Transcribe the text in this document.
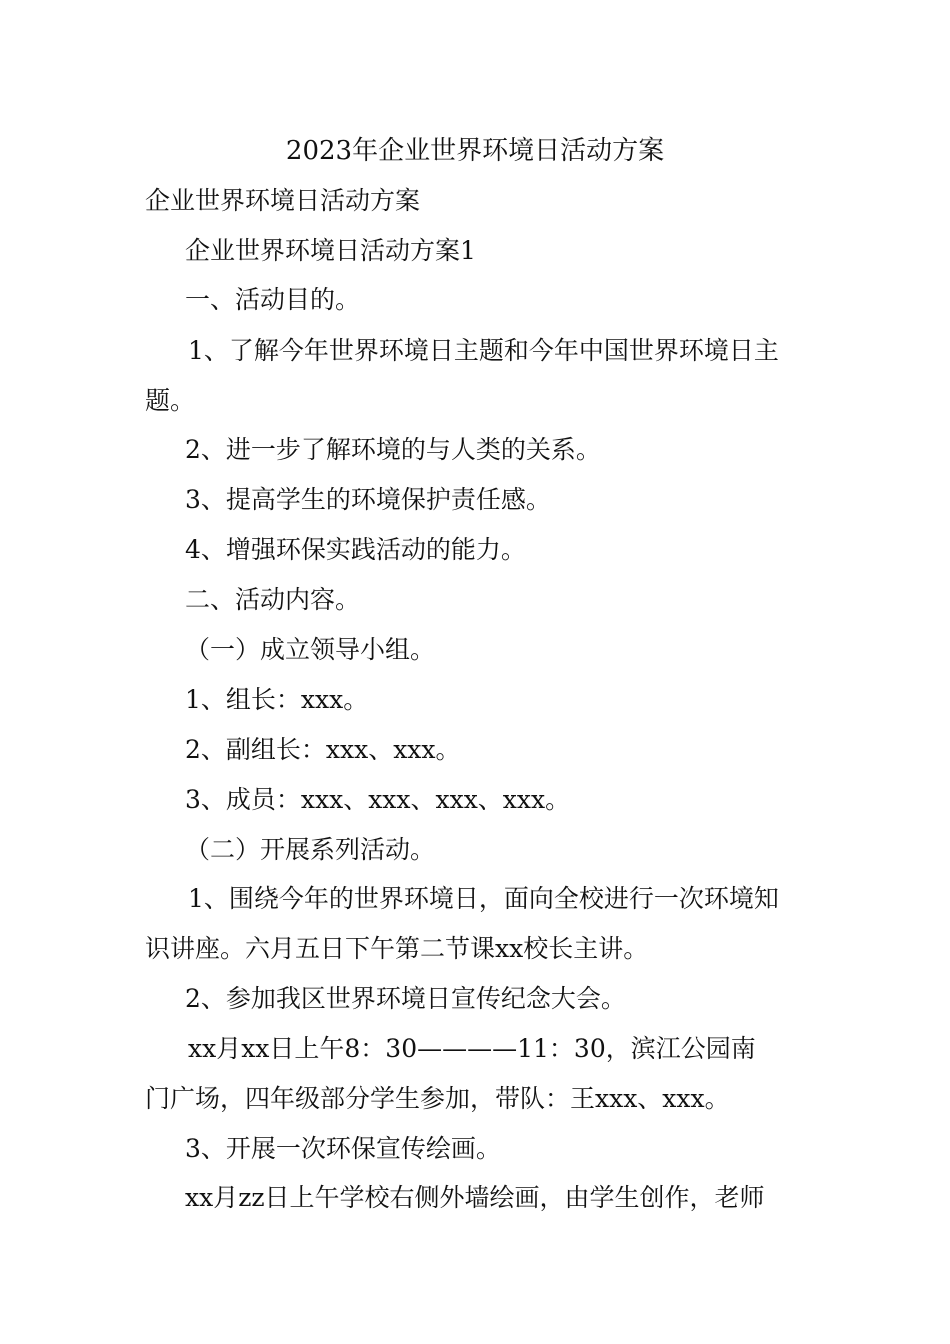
2023年企业世界环境日活动方案
企业世界环境日活动方案
企业世界环境日活动方案1
一、活动目的。
1、了解今年世界环境日主题和今年中国世界环境日主
题。
2、进一步了解环境的与人类的关系。
3、提高学生的环境保护责任感。
4、增强环保实践活动的能力。
二、活动内容。
（一）成立领导小组。
1、组长：xxx。
2、副组长：xxx、xxx。
3、成员：xxx、xxx、xxx、xxx。
（二）开展系列活动。
1、围绕今年的世界环境日，面向全校进行一次环境知
识讲座。六月五日下午第二节课xx校长主讲。
2、参加我区世界环境日宣传纪念大会。
xx月xx日上午8：30————11：30，滨江公园南
门广场，四年级部分学生参加，带队：王xxx、xxx。
3、开展一次环保宣传绘画。
xx月zz日上午学校右侧外墙绘画，由学生创作，老师
